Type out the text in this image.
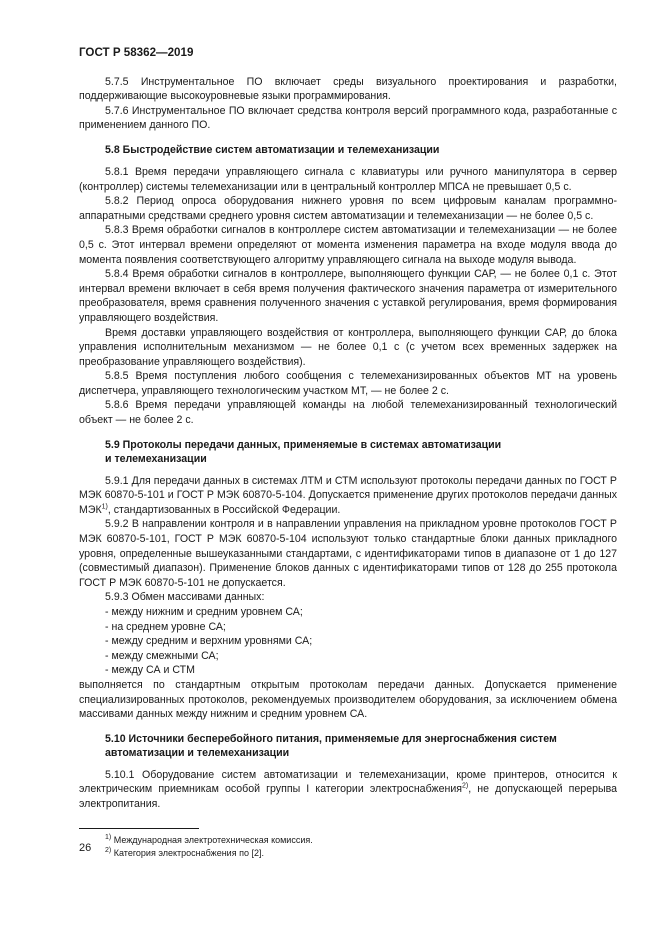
ГОСТ Р 58362—2019

5.7.5 Инструментальное ПО включает среды визуального проектирования и разработки, поддерживающие высокоуровневые языки программирования.

5.7.6 Инструментальное ПО включает средства контроля версий программного кода, разработанные с применением данного ПО.

5.8 Быстродействие систем автоматизации и телемеханизации

5.8.1 Время передачи управляющего сигнала с клавиатуры или ручного манипулятора в сервер (контроллер) системы телемеханизации или в центральный контроллер МПСА не превышает 0,5 с.

5.8.2 Период опроса оборудования нижнего уровня по всем цифровым каналам программно-аппаратными средствами среднего уровня систем автоматизации и телемеханизации — не более 0,5 с.

5.8.3 Время обработки сигналов в контроллере систем автоматизации и телемеханизации — не более 0,5 с. Этот интервал времени определяют от момента изменения параметра на входе модуля ввода до момента появления соответствующего алгоритму управляющего сигнала на выходе модуля вывода.

5.8.4 Время обработки сигналов в контроллере, выполняющего функции САР, — не более 0,1 с. Этот интервал времени включает в себя время получения фактического значения параметра от измерительного преобразователя, время сравнения полученного значения с уставкой регулирования, время формирования управляющего воздействия.

Время доставки управляющего воздействия от контроллера, выполняющего функции САР, до блока управления исполнительным механизмом — не более 0,1 с (с учетом всех временных задержек на преобразование управляющего воздействия).

5.8.5 Время поступления любого сообщения с телемеханизированных объектов МТ на уровень диспетчера, управляющего технологическим участком МТ, — не более 2 с.

5.8.6 Время передачи управляющей команды на любой телемеханизированный технологический объект — не более 2 с.

5.9 Протоколы передачи данных, применяемые в системах автоматизации
и телемеханизации

5.9.1 Для передачи данных в системах ЛТМ и СТМ используют протоколы передачи данных по ГОСТ Р МЭК 60870-5-101 и ГОСТ Р МЭК 60870-5-104. Допускается применение других протоколов передачи данных МЭК$^{1)}$, стандартизованных в Российской Федерации.

5.9.2 В направлении контроля и в направлении управления на прикладном уровне протоколов ГОСТ Р МЭК 60870-5-101, ГОСТ Р МЭК 60870-5-104 используют только стандартные блоки данных прикладного уровня, определенные вышеуказанными стандартами, с идентификаторами типов в диапазоне от 1 до 127 (совместимый диапазон). Применение блоков данных с идентификаторами типов от 128 до 255 протокола ГОСТ Р МЭК 60870-5-101 не допускается.

5.9.3 Обмен массивами данных:

- между нижним и средним уровнем СА;
- на среднем уровне СА;
- между средним и верхним уровнями СА;
- между смежными СА;
- между СА и СТМ

выполняется по стандартным открытым протоколам передачи данных. Допускается применение специализированных протоколов, рекомендуемых производителем оборудования, за исключением обмена массивами данных между нижним и средним уровнем СА.

5.10 Источники бесперебойного питания, применяемые для энергоснабжения систем
автоматизации и телемеханизации

5.10.1 Оборудование систем автоматизации и телемеханизации, кроме принтеров, относится к электрическим приемникам особой группы I категории электроснабжения$^{2)}$, не допускающей перерыва электропитания.

$^{1)}$ Международная электротехническая комиссия.
$^{2)}$ Категория электроснабжения по [2].
26
